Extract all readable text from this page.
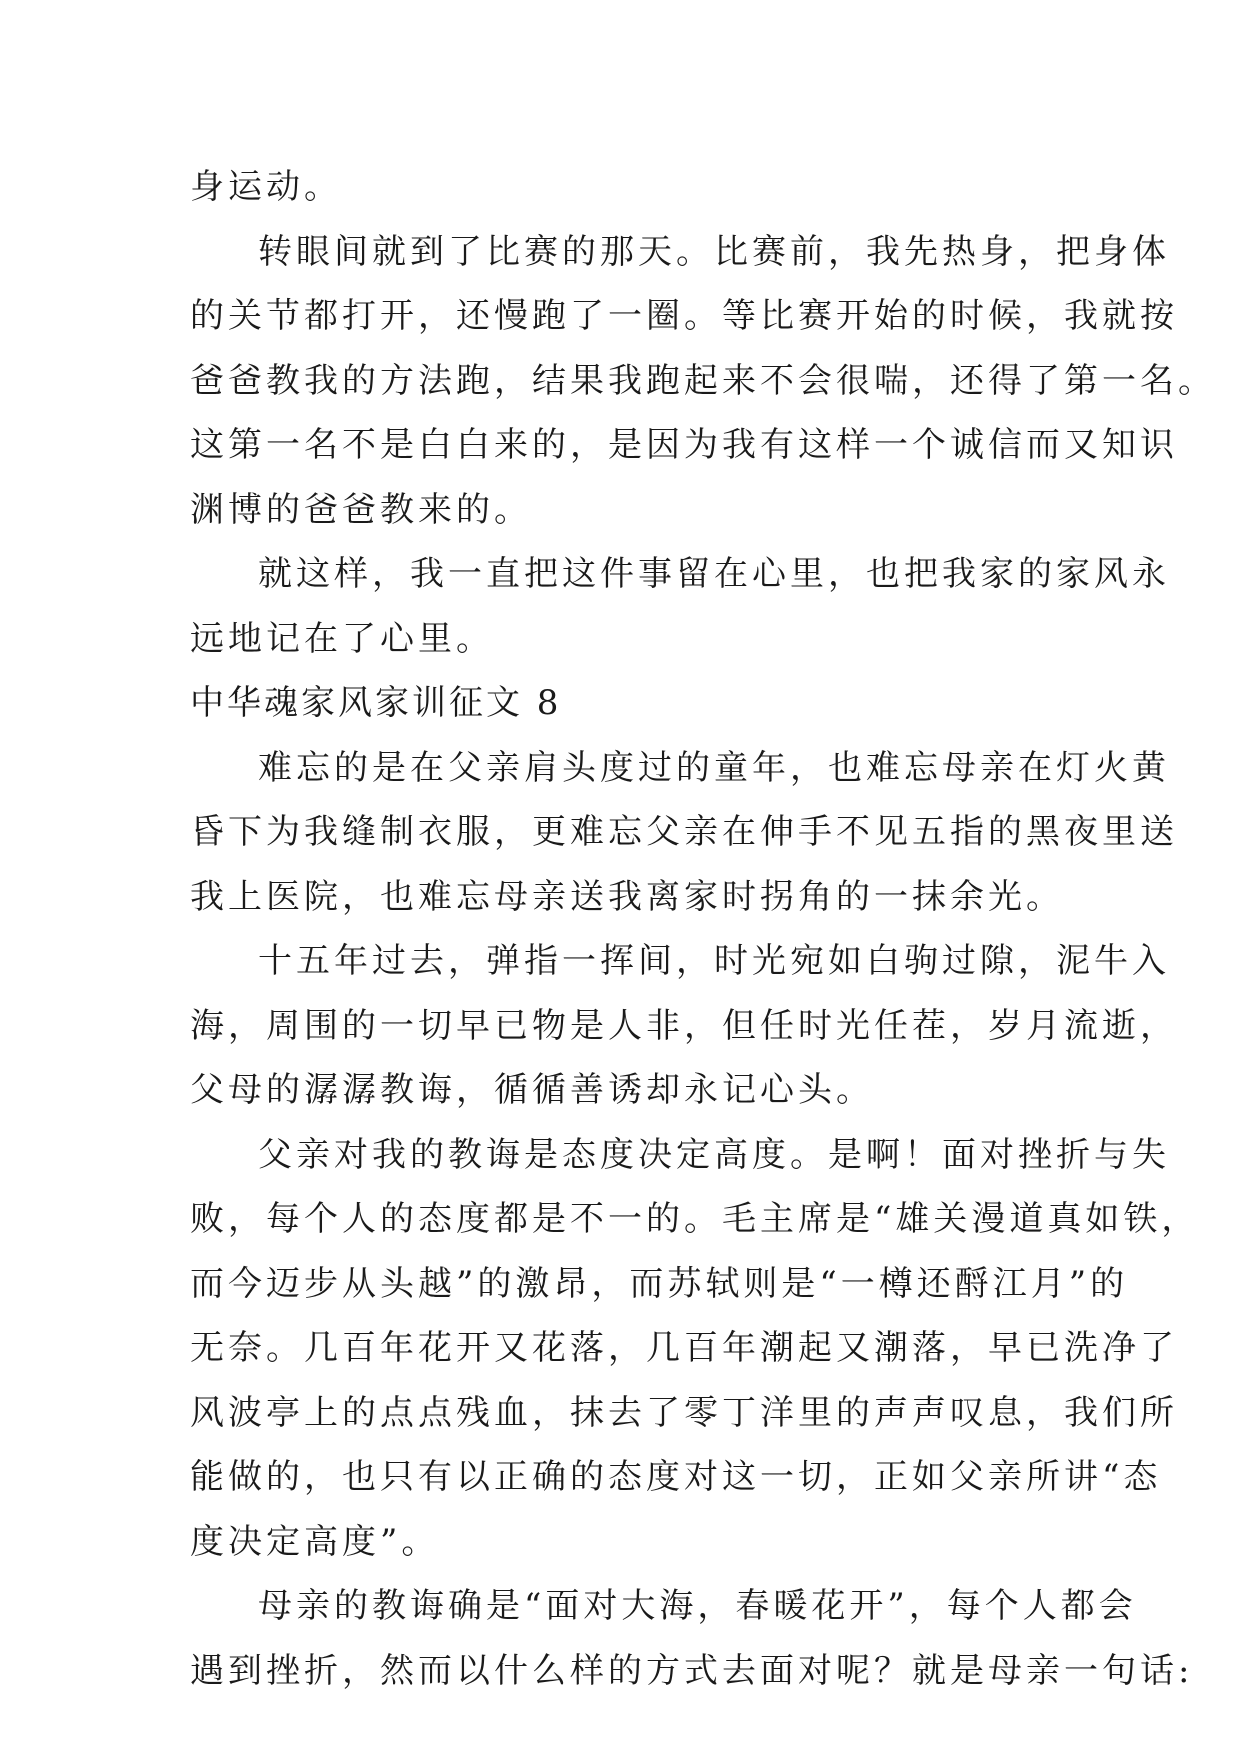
身运动。
转眼间就到了比赛的那天。比赛前，我先热身，把身体
的关节都打开，还慢跑了一圈。等比赛开始的时候，我就按
爸爸教我的方法跑，结果我跑起来不会很喘，还得了第一名。
这第一名不是白白来的，是因为我有这样一个诚信而又知识
渊博的爸爸教来的。
就这样，我一直把这件事留在心里，也把我家的家风永
远地记在了心里。
中华魂家风家训征文 8
难忘的是在父亲肩头度过的童年，也难忘母亲在灯火黄
昏下为我缝制衣服，更难忘父亲在伸手不见五指的黑夜里送
我上医院，也难忘母亲送我离家时拐角的一抹余光。
十五年过去，弹指一挥间，时光宛如白驹过隙，泥牛入
海，周围的一切早已物是人非，但任时光任茬，岁月流逝，
父母的潺潺教诲，循循善诱却永记心头。
父亲对我的教诲是态度决定高度。是啊！面对挫折与失
败，每个人的态度都是不一的。毛主席是“雄关漫道真如铁，
而今迈步从头越”的激昂，而苏轼则是“一樽还酹江月”的
无奈。几百年花开又花落，几百年潮起又潮落，早已洗净了
风波亭上的点点残血，抹去了零丁洋里的声声叹息，我们所
能做的，也只有以正确的态度对这一切，正如父亲所讲“态
度决定高度”。
母亲的教诲确是“面对大海，春暖花开”，每个人都会
遇到挫折，然而以什么样的方式去面对呢？就是母亲一句话:
